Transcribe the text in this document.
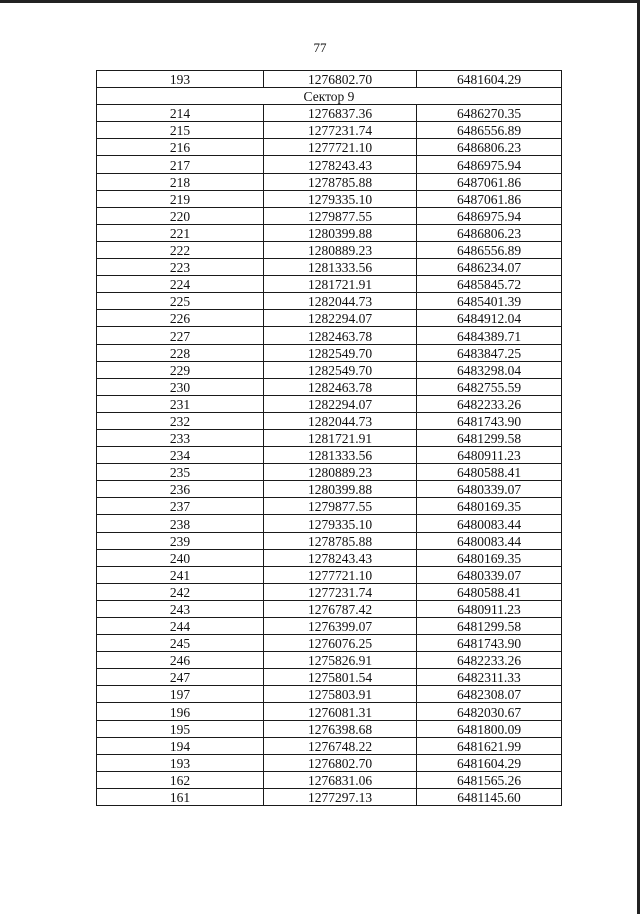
77
193	1276802.70	6481604.29
Сектор 9		
214	1276837.36	6486270.35
215	1277231.74	6486556.89
216	1277721.10	6486806.23
217	1278243.43	6486975.94
218	1278785.88	6487061.86
219	1279335.10	6487061.86
220	1279877.55	6486975.94
221	1280399.88	6486806.23
222	1280889.23	6486556.89
223	1281333.56	6486234.07
224	1281721.91	6485845.72
225	1282044.73	6485401.39
226	1282294.07	6484912.04
227	1282463.78	6484389.71
228	1282549.70	6483847.25
229	1282549.70	6483298.04
230	1282463.78	6482755.59
231	1282294.07	6482233.26
232	1282044.73	6481743.90
233	1281721.91	6481299.58
234	1281333.56	6480911.23
235	1280889.23	6480588.41
236	1280399.88	6480339.07
237	1279877.55	6480169.35
238	1279335.10	6480083.44
239	1278785.88	6480083.44
240	1278243.43	6480169.35
241	1277721.10	6480339.07
242	1277231.74	6480588.41
243	1276787.42	6480911.23
244	1276399.07	6481299.58
245	1276076.25	6481743.90
246	1275826.91	6482233.26
247	1275801.54	6482311.33
197	1275803.91	6482308.07
196	1276081.31	6482030.67
195	1276398.68	6481800.09
194	1276748.22	6481621.99
193	1276802.70	6481604.29
162	1276831.06	6481565.26
161	1277297.13	6481145.60
